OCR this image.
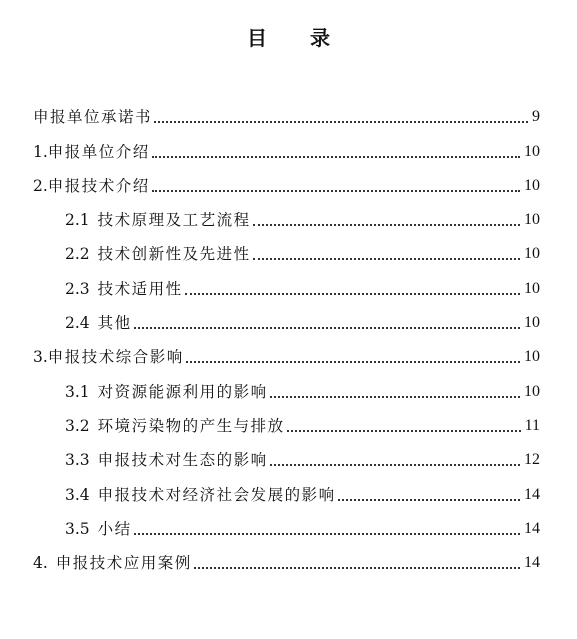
目 录
申报单位承诺书	9
1. 申报单位介绍	10
2. 申报技术介绍	10
2.1 技术原理及工艺流程	10
2.2 技术创新性及先进性	10
2.3 技术适用性	10
2.4 其他	10
3. 申报技术综合影响	10
3.1 对资源能源利用的影响	10
3.2 环境污染物的产生与排放	11
3.3 申报技术对生态的影响	12
3.4 申报技术对经济社会发展的影响	14
3.5 小结	14
4. 申报技术应用案例	14
